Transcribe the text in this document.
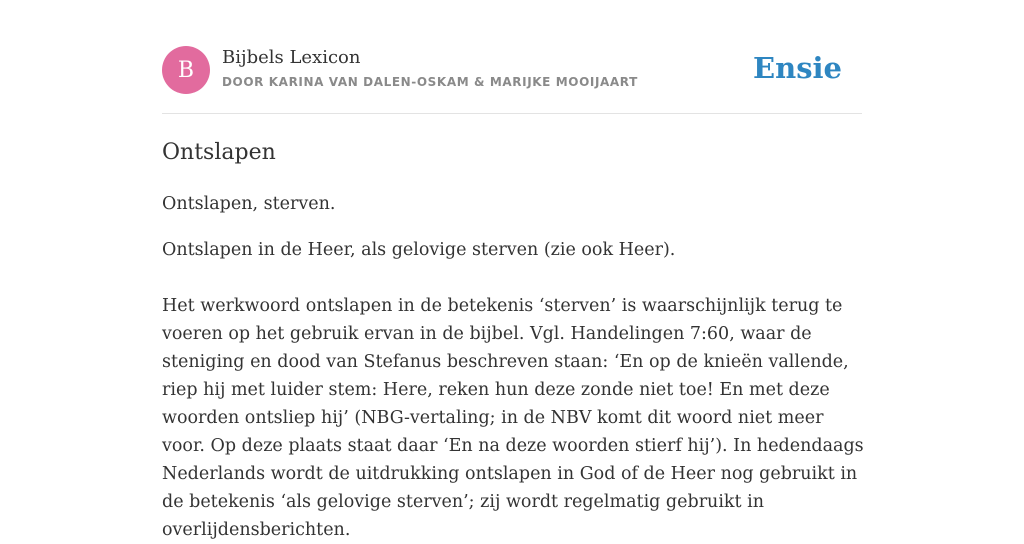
B	Bijbels Lexicon
DOOR KARINA VAN DALEN-OSKAM & MARIJKE MOOIJAART	Ensie
Ontslapen

Ontslapen, sterven.

Ontslapen in de Heer, als gelovige sterven (zie ook Heer).

Het werkwoord ontslapen in de betekenis ‘sterven’ is waarschijnlijk terug te voeren op het gebruik ervan in de bijbel. Vgl. Handelingen 7:60, waar de steniging en dood van Stefanus beschreven staan: ‘En op de knieën vallende, riep hij met luider stem: Here, reken hun deze zonde niet toe! En met deze woorden ontsliep hij’ (NBG-vertaling; in de NBV komt dit woord niet meer voor. Op deze plaats staat daar ‘En na deze woorden stierf hij’). In hedendaags Nederlands wordt de uitdrukking ontslapen in God of de Heer nog gebruikt in de betekenis ‘als gelovige sterven’; zij wordt regelmatig gebruikt in overlijdensberichten.
